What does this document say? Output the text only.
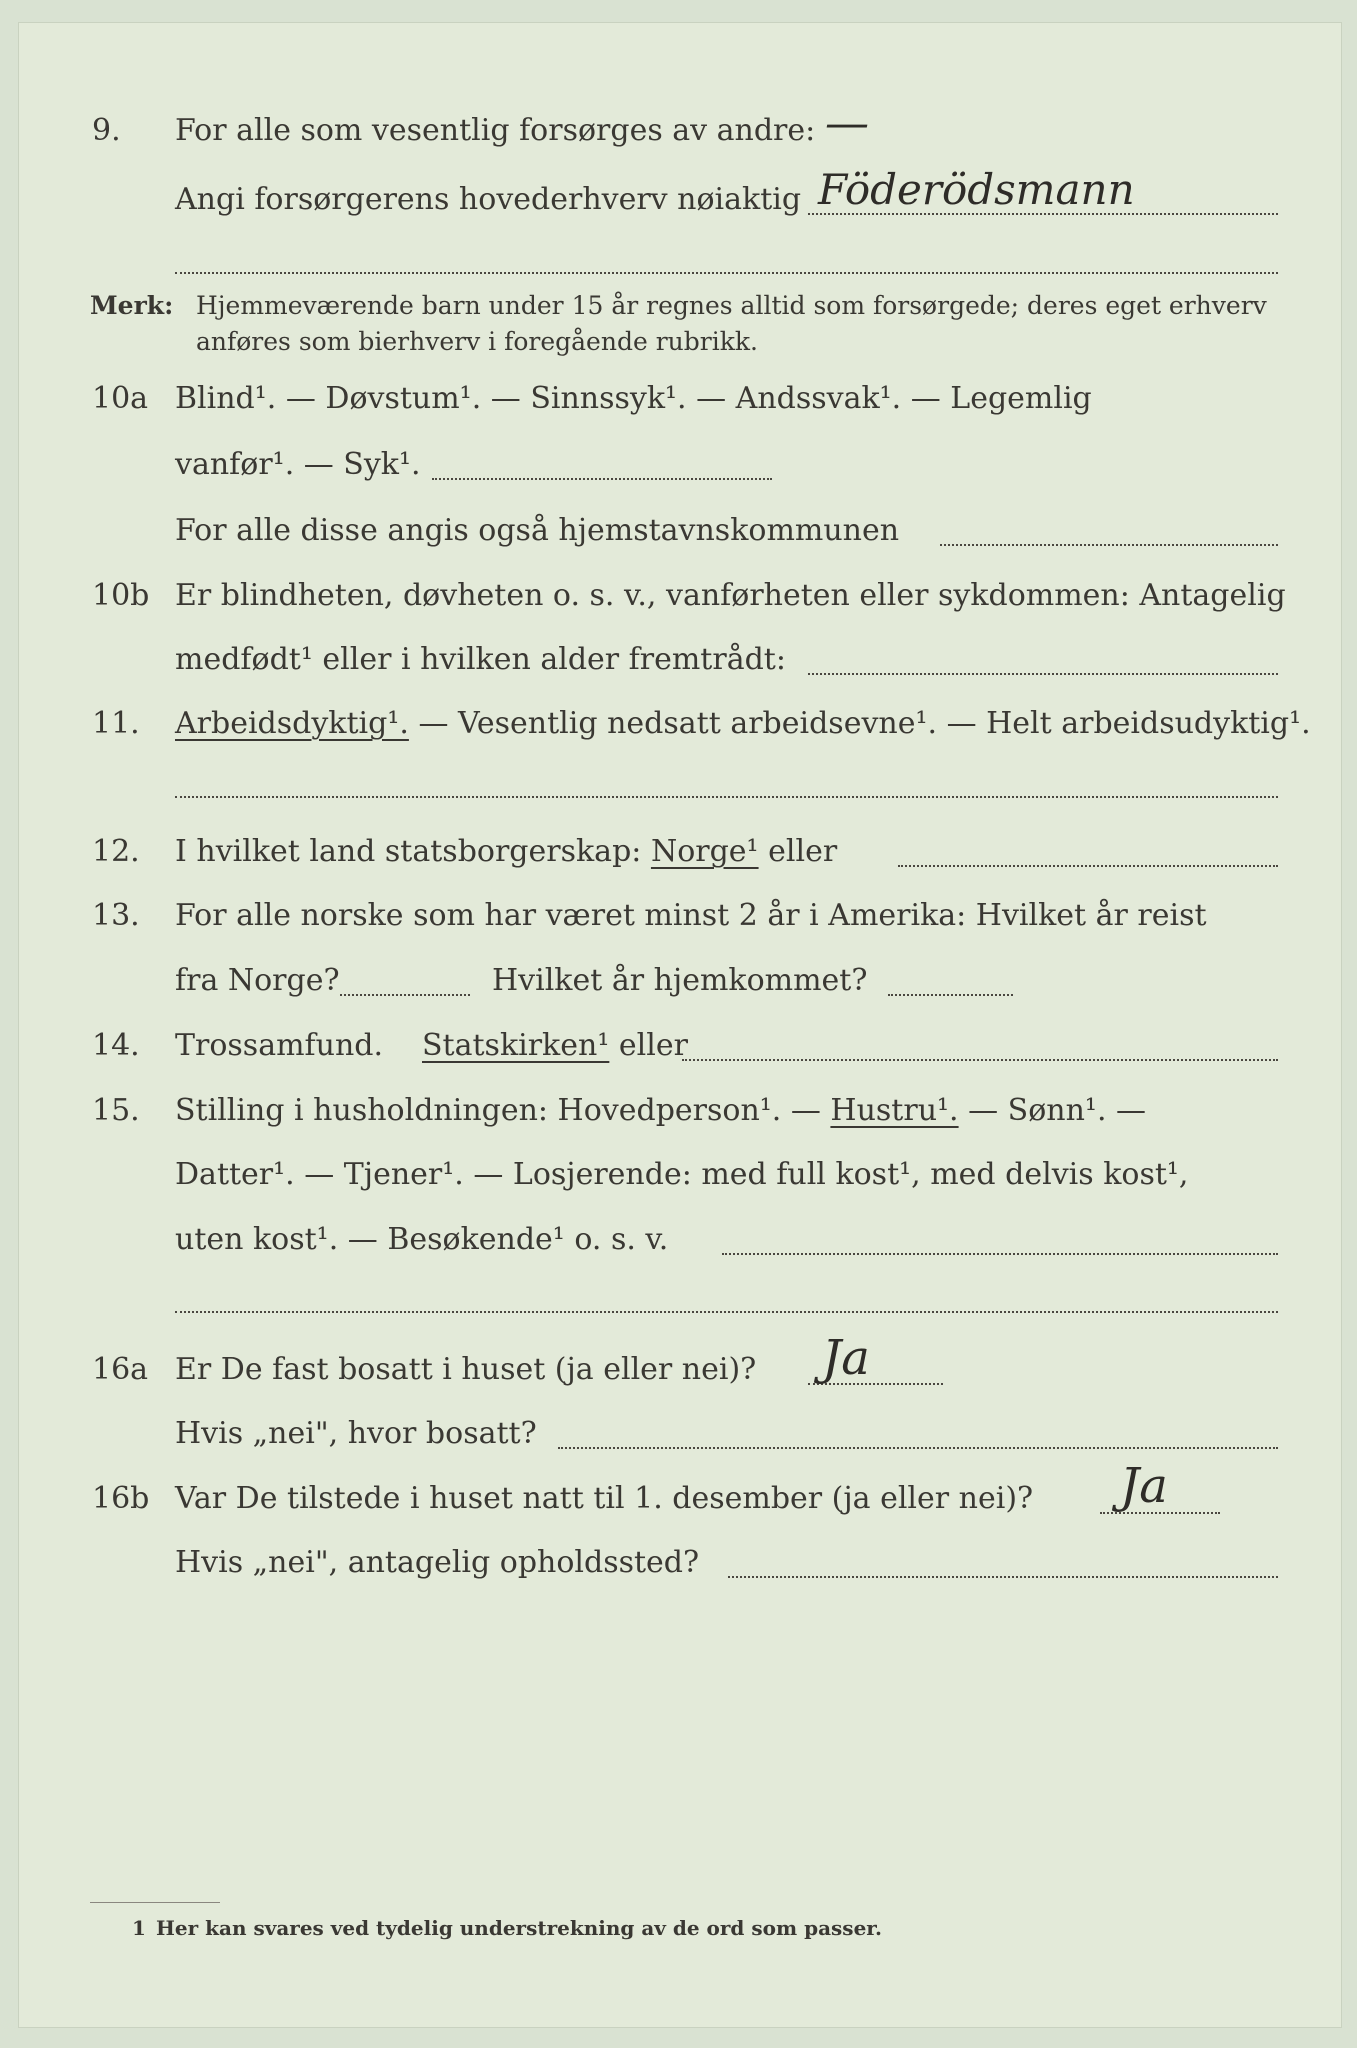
9. For alle som vesentlig forsørges av andre: —
Angi forsørgerens hovederhverv nøiaktig Föderödsmann
Merk: Hjemmeværende barn under 15 år regnes alltid som forsørgede; deres eget erhverv
anføres som bierhverv i foregående rubrikk.
10a Blind¹. — Døvstum¹. — Sinnssyk¹. — Andssvak¹. — Legemlig
vanfør¹. — Syk¹.
For alle disse angis også hjemstavnskommunen
10b Er blindheten, døvheten o. s. v., vanførheten eller sykdommen: Antagelig
medfødt¹ eller i hvilken alder fremtrådt:
11. Arbeidsdyktig¹. — Vesentlig nedsatt arbeidsevne¹. — Helt arbeidsudyktig¹.
12. I hvilket land statsborgerskap: Norge¹ eller
13. For alle norske som har været minst 2 år i Amerika: Hvilket år reist
fra Norge?	Hvilket år hjemkommet?
14. Trossamfund. Statskirken¹ eller
15. Stilling i husholdningen: Hovedperson¹. — Hustru¹. — Sønn¹. —
Datter¹. — Tjener¹. — Losjerende: med full kost¹, med delvis kost¹,
uten kost¹. — Besøkende¹ o. s. v.
16a Er De fast bosatt i huset (ja eller nei)? Ja
Hvis „nei", hvor bosatt?
16b Var De tilstede i huset natt til 1. desember (ja eller nei)? Ja
Hvis „nei", antagelig opholdssted?
1 Her kan svares ved tydelig understrekning av de ord som passer.
